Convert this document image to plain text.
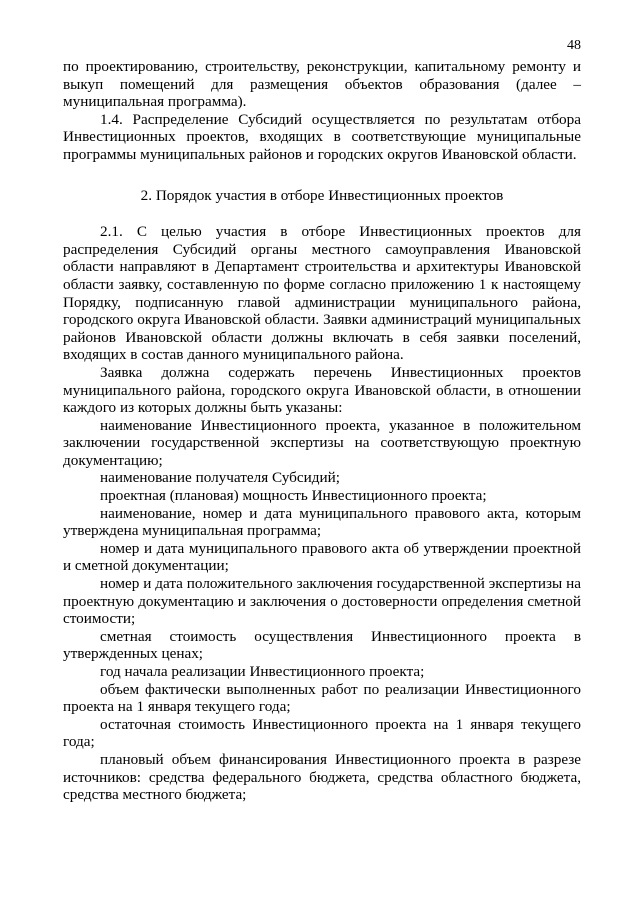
48

по проектированию, строительству, реконструкции, капитальному ремонту и выкуп помещений для размещения объектов образования (далее – муниципальная программа).

1.4. Распределение Субсидий осуществляется по результатам отбора Инвестиционных проектов, входящих в соответствующие муниципальные программы муниципальных районов и городских округов Ивановской области.

2. Порядок участия в отборе Инвестиционных проектов

2.1. С целью участия в отборе Инвестиционных проектов для распределения Субсидий органы местного самоуправления Ивановской области направляют в Департамент строительства и архитектуры Ивановской области заявку, составленную по форме согласно приложению 1 к настоящему Порядку, подписанную главой администрации муниципального района, городского округа Ивановской области. Заявки администраций муниципальных районов Ивановской области должны включать в себя заявки поселений, входящих в состав данного муниципального района.

Заявка должна содержать перечень Инвестиционных проектов муниципального района, городского округа Ивановской области, в отношении каждого из которых должны быть указаны:

наименование Инвестиционного проекта, указанное в положительном заключении государственной экспертизы на соответствующую проектную документацию;

наименование получателя Субсидий;

проектная (плановая) мощность Инвестиционного проекта;

наименование, номер и дата муниципального правового акта, которым утверждена муниципальная программа;

номер и дата муниципального правового акта об утверждении проектной и сметной документации;

номер и дата положительного заключения государственной экспертизы на проектную документацию и заключения о достоверности определения сметной стоимости;

сметная стоимость осуществления Инвестиционного проекта в утвержденных ценах;

год начала реализации Инвестиционного проекта;

объем фактически выполненных работ по реализации Инвестиционного проекта на 1 января текущего года;

остаточная стоимость Инвестиционного проекта на 1 января текущего года;

плановый объем финансирования Инвестиционного проекта в разрезе источников: средства федерального бюджета, средства областного бюджета, средства местного бюджета;
